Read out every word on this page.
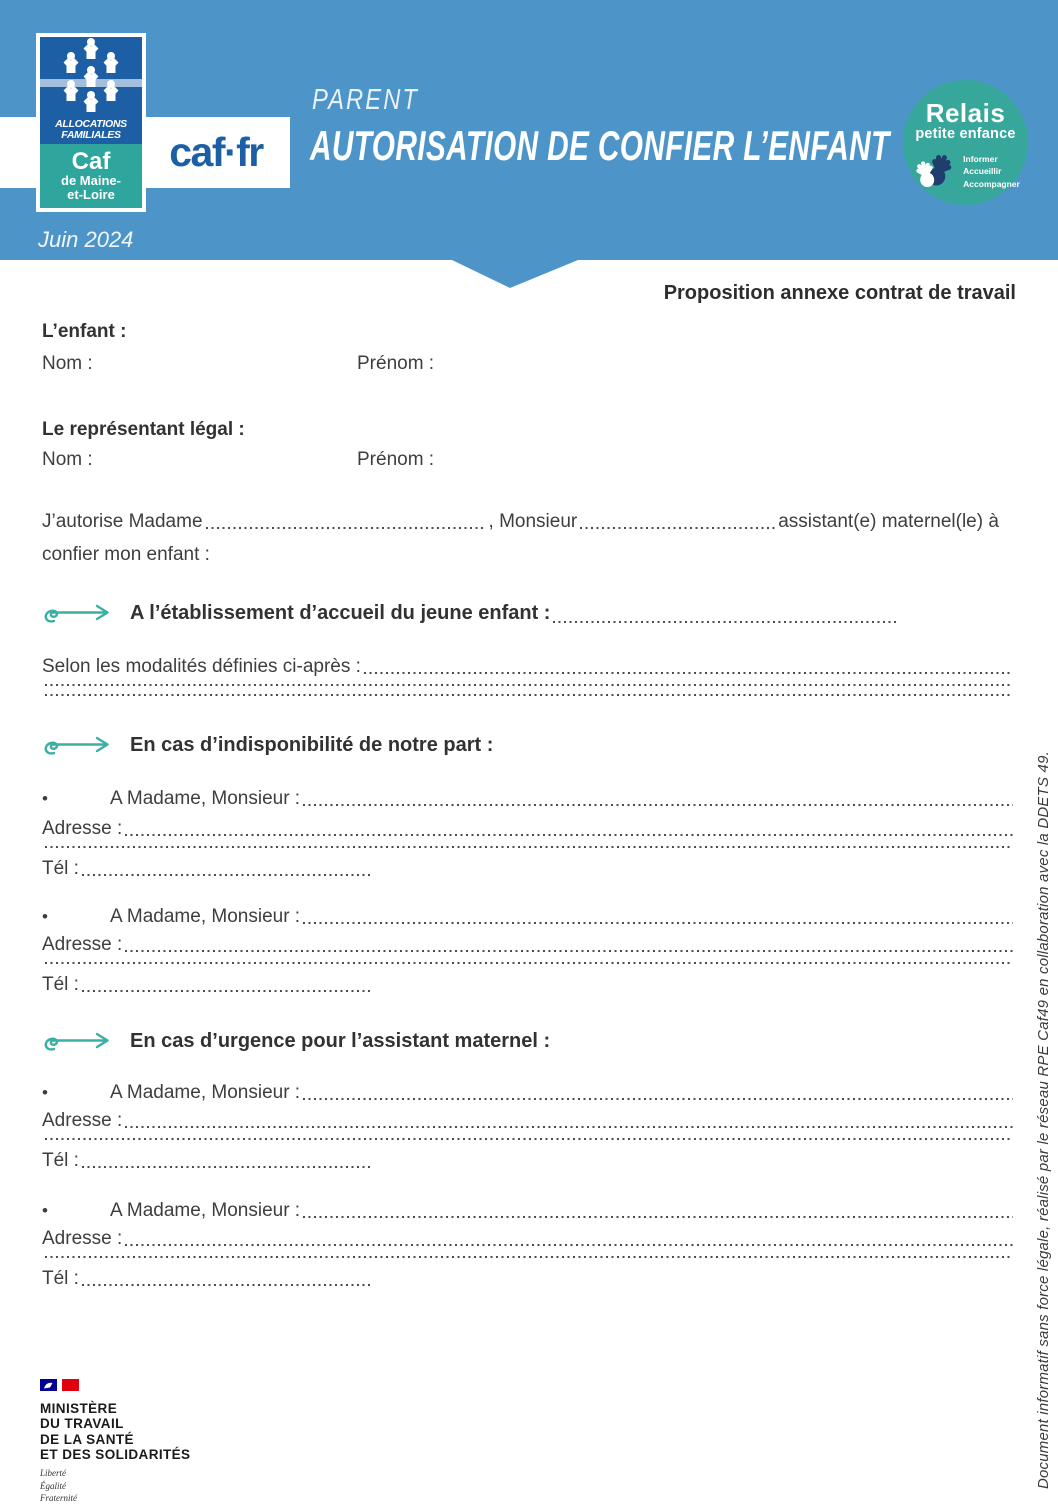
ALLOCATIONS
FAMILIALES
Caf
de Maine-
et-Loire
caf·fr
PARENT
AUTORISATION DE CONFIER L’ENFANT
Juin 2024
Relais
petite enfance
Informer
Accueillir
Accompagner
Proposition annexe contrat de travail
L’enfant :
Nom :	Prénom :
Le représentant légal :
Nom :	Prénom :
J’autorise Madame	, Monsieur	assistant(e) maternel(le) à
confier mon enfant :
A l’établissement d’accueil du jeune enfant :
Selon les modalités définies ci-après :
En cas d’indisponibilité de notre part :
•	A Madame, Monsieur :
Adresse :
Tél :
•	A Madame, Monsieur :
Adresse :
Tél :
En cas d’urgence pour l’assistant maternel :
•	A Madame, Monsieur :
Adresse :
Tél :
•	A Madame, Monsieur :
Adresse :
Tél :
MINISTÈRE
DU TRAVAIL
DE LA SANTÉ
ET DES SOLIDARITÉS
Liberté
Égalité
Fraternité
Document informatif sans force légale, réalisé par le réseau RPE Caf49 en collaboration avec la DDETS 49.
